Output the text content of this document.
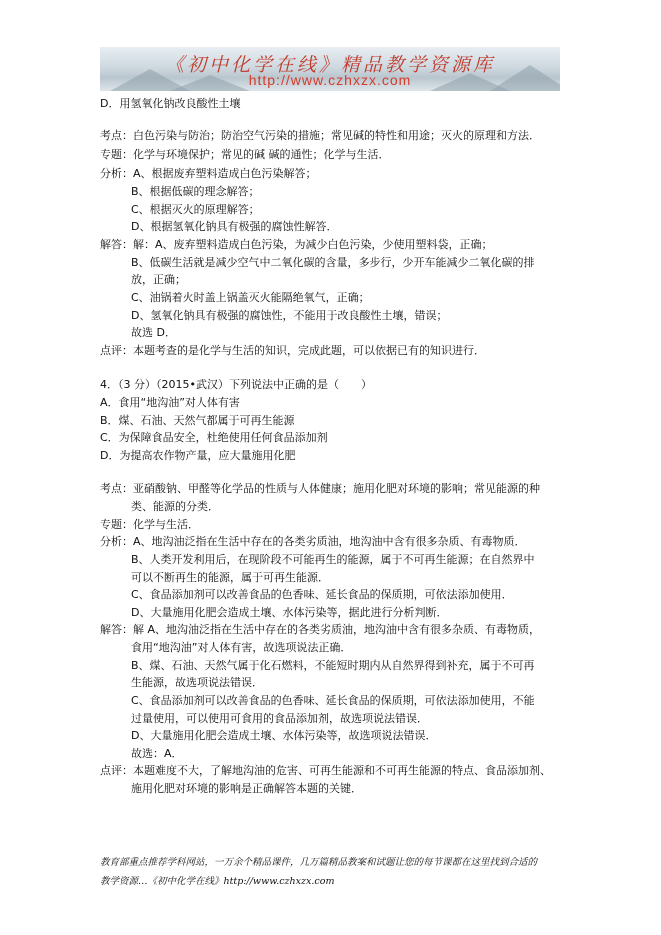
《初中化学在线》精品教学资源库
http://www.czhxzx.com
D．用氢氧化钠改良酸性土壤
考点：白色污染与防治；防治空气污染的措施；常见碱的特性和用途；灭火的原理和方法．
专题：化学与环境保护；常见的碱 碱的通性；化学与生活．
分析：A、根据废弃塑料造成白色污染解答；
B、根据低碳的理念解答；
C、根据灭火的原理解答；
D、根据氢氧化钠具有极强的腐蚀性解答．
解答：解：A、废弃塑料造成白色污染，为减少白色污染，少使用塑料袋，正确；
B、低碳生活就是减少空气中二氧化碳的含量，多步行，少开车能减少二氧化碳的排
放，正确；
C、油锅着火时盖上锅盖灭火能隔绝氧气，正确；
D、氢氧化钠具有极强的腐蚀性，不能用于改良酸性土壤，错误；
故选 D．
点评：本题考查的是化学与生活的知识，完成此题，可以依据已有的知识进行．
4．（3 分）（2015•武汉）下列说法中正确的是（　　）
A．食用“地沟油”对人体有害
B．煤、石油、天然气都属于可再生能源
C．为保障食品安全，杜绝使用任何食品添加剂
D．为提高农作物产量，应大量施用化肥
考点：亚硝酸钠、甲醛等化学品的性质与人体健康；施用化肥对环境的影响；常见能源的种
类、能源的分类．
专题：化学与生活．
分析：A、地沟油泛指在生活中存在的各类劣质油，地沟油中含有很多杂质、有毒物质．
B、人类开发利用后，在现阶段不可能再生的能源，属于不可再生能源；在自然界中
可以不断再生的能源，属于可再生能源．
C、食品添加剂可以改善食品的色香味、延长食品的保质期，可依法添加使用．
D、大量施用化肥会造成土壤、水体污染等，据此进行分析判断．
解答：解 A、地沟油泛指在生活中存在的各类劣质油，地沟油中含有很多杂质、有毒物质，
食用“地沟油”对人体有害，故选项说法正确．
B、煤、石油、天然气属于化石燃料，不能短时期内从自然界得到补充，属于不可再
生能源，故选项说法错误．
C、食品添加剂可以改善食品的色香味、延长食品的保质期，可依法添加使用，不能
过量使用，可以使用可食用的食品添加剂，故选项说法错误．
D、大量施用化肥会造成土壤、水体污染等，故选项说法错误．
故选：A．
点评：本题难度不大，了解地沟油的危害、可再生能源和不可再生能源的特点、食品添加剂、
施用化肥对环境的影响是正确解答本题的关键．
教育部重点推荐学科网站，一万余个精品课件，几万篇精品教案和试题让您的每节课都在这里找到合适的
教学资源…《初中化学在线》http://www.czhxzx.com
